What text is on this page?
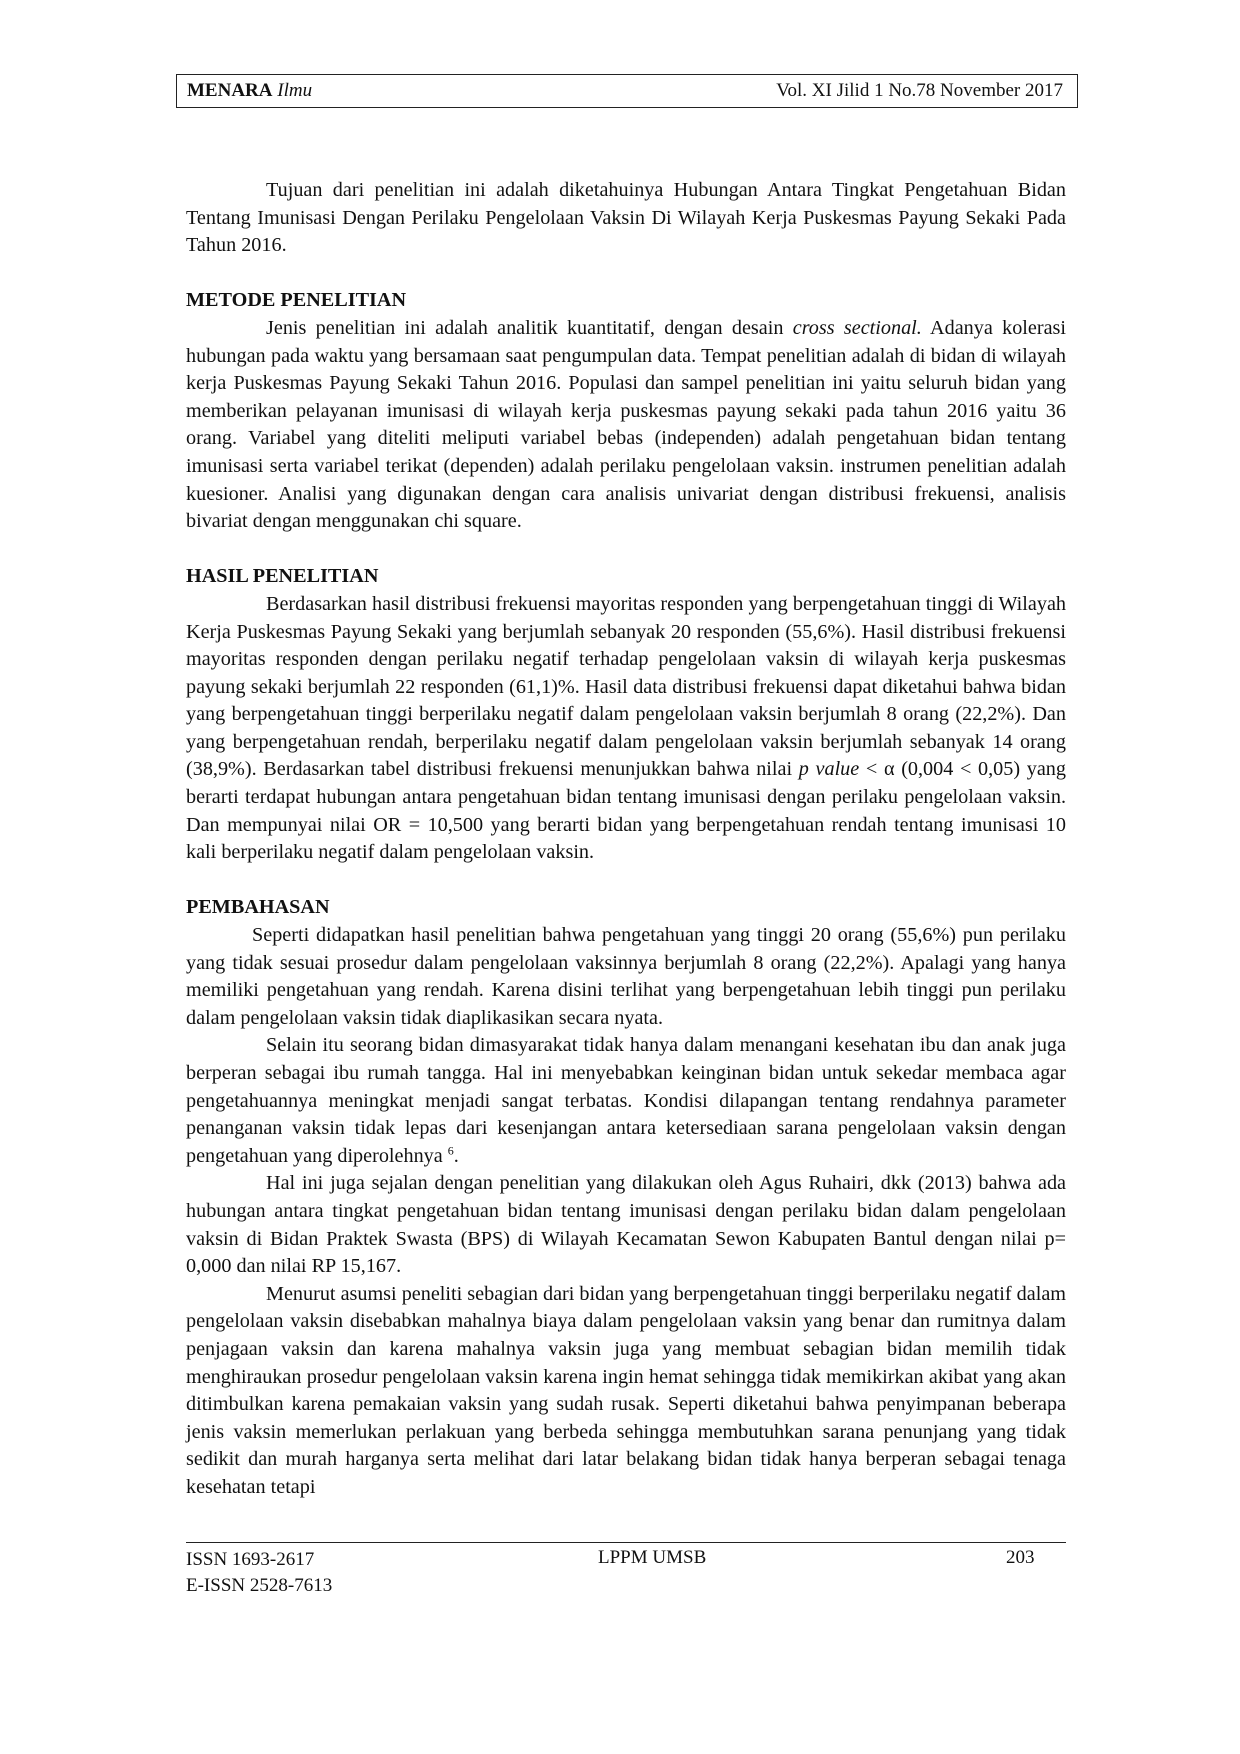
MENARA Ilmu	Vol. XI Jilid 1 No.78 November 2017

Tujuan dari penelitian ini adalah diketahuinya Hubungan Antara Tingkat Pengetahuan Bidan Tentang Imunisasi Dengan Perilaku Pengelolaan Vaksin Di Wilayah Kerja Puskesmas Payung Sekaki Pada Tahun 2016.

METODE PENELITIAN

Jenis penelitian ini adalah analitik kuantitatif, dengan desain cross sectional. Adanya kolerasi hubungan pada waktu yang bersamaan saat pengumpulan data. Tempat penelitian adalah di bidan di wilayah kerja Puskesmas Payung Sekaki Tahun 2016. Populasi dan sampel penelitian ini yaitu seluruh bidan yang memberikan pelayanan imunisasi di wilayah kerja puskesmas payung sekaki pada tahun 2016 yaitu 36 orang. Variabel yang diteliti meliputi variabel bebas (independen) adalah pengetahuan bidan tentang imunisasi serta variabel terikat (dependen) adalah perilaku pengelolaan vaksin. instrumen penelitian adalah kuesioner. Analisi yang digunakan dengan cara analisis univariat dengan distribusi frekuensi, analisis bivariat dengan menggunakan chi square.

HASIL PENELITIAN

Berdasarkan hasil distribusi frekuensi mayoritas responden yang berpengetahuan tinggi di Wilayah Kerja Puskesmas Payung Sekaki yang berjumlah sebanyak 20 responden (55,6%). Hasil distribusi frekuensi mayoritas responden dengan perilaku negatif terhadap pengelolaan vaksin di wilayah kerja puskesmas payung sekaki berjumlah 22 responden (61,1)%. Hasil data distribusi frekuensi dapat diketahui bahwa bidan yang berpengetahuan tinggi berperilaku negatif dalam pengelolaan vaksin berjumlah 8 orang (22,2%). Dan yang berpengetahuan rendah, berperilaku negatif dalam pengelolaan vaksin berjumlah sebanyak 14 orang (38,9%). Berdasarkan tabel distribusi frekuensi menunjukkan bahwa nilai p value < α (0,004 < 0,05) yang berarti terdapat hubungan antara pengetahuan bidan tentang imunisasi dengan perilaku pengelolaan vaksin. Dan mempunyai nilai OR = 10,500 yang berarti bidan yang berpengetahuan rendah tentang imunisasi 10 kali berperilaku negatif dalam pengelolaan vaksin.

PEMBAHASAN

Seperti didapatkan hasil penelitian bahwa pengetahuan yang tinggi 20 orang (55,6%) pun perilaku yang tidak sesuai prosedur dalam pengelolaan vaksinnya berjumlah 8 orang (22,2%). Apalagi yang hanya memiliki pengetahuan yang rendah. Karena disini terlihat yang berpengetahuan lebih tinggi pun perilaku dalam pengelolaan vaksin tidak diaplikasikan secara nyata.

Selain itu seorang bidan dimasyarakat tidak hanya dalam menangani kesehatan ibu dan anak juga berperan sebagai ibu rumah tangga. Hal ini menyebabkan keinginan bidan untuk sekedar membaca agar pengetahuannya meningkat menjadi sangat terbatas. Kondisi dilapangan tentang rendahnya parameter penanganan vaksin tidak lepas dari kesenjangan antara ketersediaan sarana pengelolaan vaksin dengan pengetahuan yang diperolehnya $^6$.

Hal ini juga sejalan dengan penelitian yang dilakukan oleh Agus Ruhairi, dkk (2013) bahwa ada hubungan antara tingkat pengetahuan bidan tentang imunisasi dengan perilaku bidan dalam pengelolaan vaksin di Bidan Praktek Swasta (BPS) di Wilayah Kecamatan Sewon Kabupaten Bantul dengan nilai p= 0,000 dan nilai RP 15,167.

Menurut asumsi peneliti sebagian dari bidan yang berpengetahuan tinggi berperilaku negatif dalam pengelolaan vaksin disebabkan mahalnya biaya dalam pengelolaan vaksin yang benar dan rumitnya dalam penjagaan vaksin dan karena mahalnya vaksin juga yang membuat sebagian bidan memilih tidak menghiraukan prosedur pengelolaan vaksin karena ingin hemat sehingga tidak memikirkan akibat yang akan ditimbulkan karena pemakaian vaksin yang sudah rusak. Seperti diketahui bahwa penyimpanan beberapa jenis vaksin memerlukan perlakuan yang berbeda sehingga membutuhkan sarana penunjang yang tidak sedikit dan murah harganya serta melihat dari latar belakang bidan tidak hanya berperan sebagai tenaga kesehatan tetapi

ISSN 1693-2617
E-ISSN 2528-7613
LPPM UMSB	203
